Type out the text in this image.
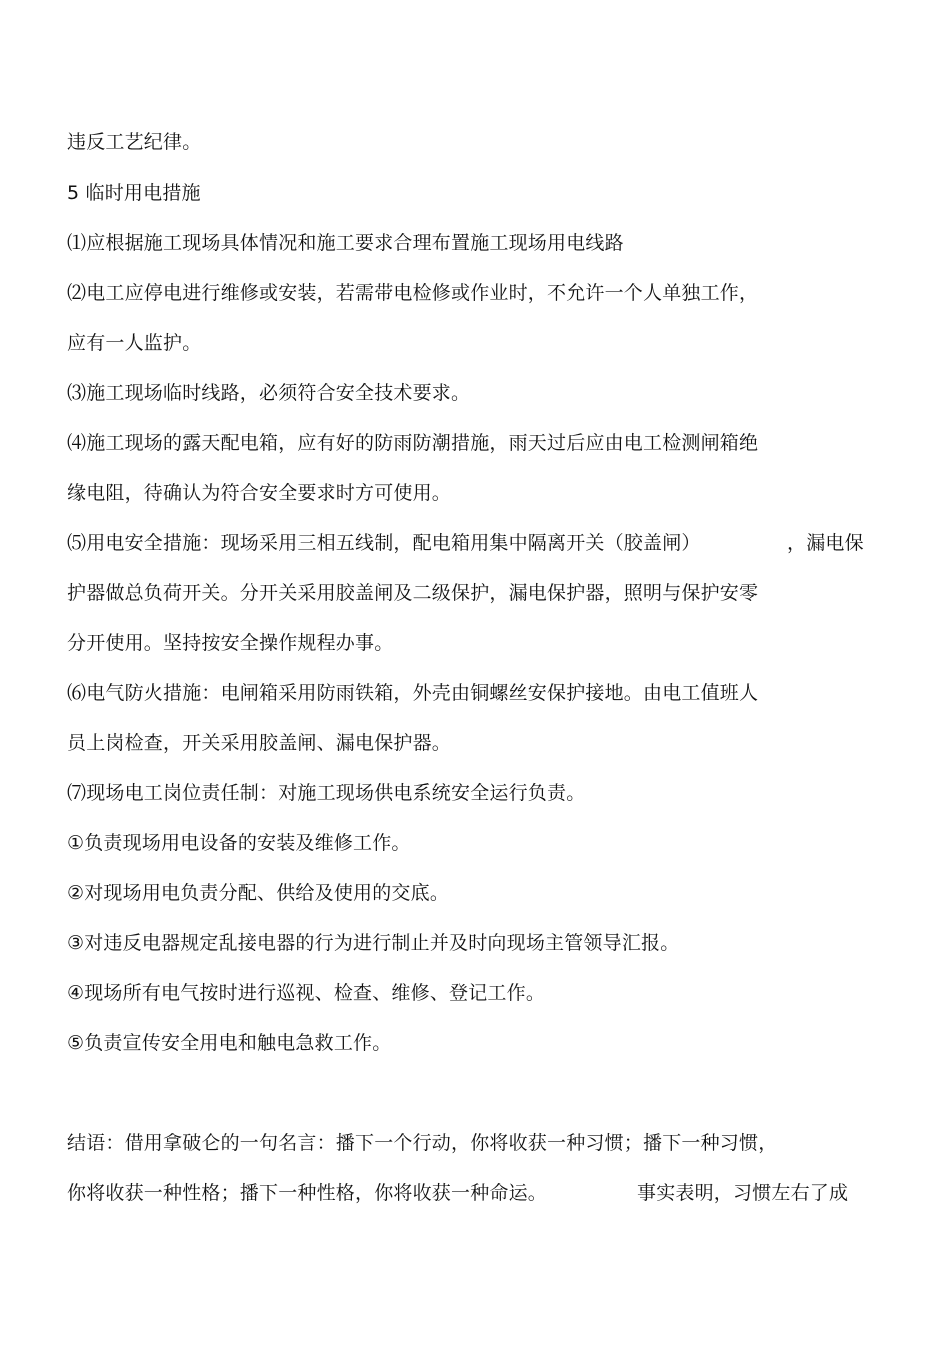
违反工艺纪律。
5 临时用电措施
⑴应根据施工现场具体情况和施工要求合理布置施工现场用电线路
⑵电工应停电进行维修或安装，若需带电检修或作业时，不允许一个人单独工作，
应有一人监护。
⑶施工现场临时线路，必须符合安全技术要求。
⑷施工现场的露天配电箱，应有好的防雨防潮措施，雨天过后应由电工检测闸箱绝
缘电阻，待确认为符合安全要求时方可使用。
⑸用电安全措施：现场采用三相五线制，配电箱用集中隔离开关（胶盖闸）	，漏电保
护器做总负荷开关。分开关采用胶盖闸及二级保护，漏电保护器，照明与保护安零
分开使用。坚持按安全操作规程办事。
⑹电气防火措施：电闸箱采用防雨铁箱，外壳由铜螺丝安保护接地。由电工值班人
员上岗检查，开关采用胶盖闸、漏电保护器。
⑺现场电工岗位责任制：对施工现场供电系统安全运行负责。
①负责现场用电设备的安装及维修工作。
②对现场用电负责分配、供给及使用的交底。
③对违反电器规定乱接电器的行为进行制止并及时向现场主管领导汇报。
④现场所有电气按时进行巡视、检查、维修、登记工作。
⑤负责宣传安全用电和触电急救工作。
结语：借用拿破仑的一句名言：播下一个行动，你将收获一种习惯；播下一种习惯，
你将收获一种性格；播下一种性格，你将收获一种命运。	事实表明，习惯左右了成
